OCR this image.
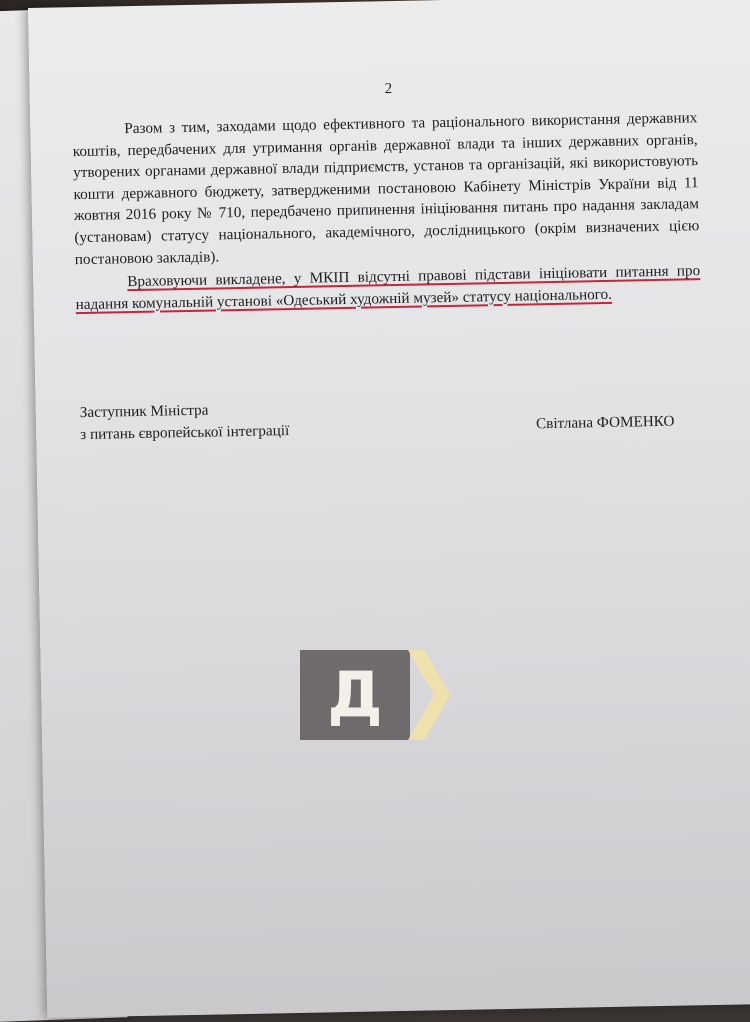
2

Разом з тим, заходами щодо ефективного та раціонального використання державних коштів, передбачених для утримання органів державної влади та інших державних органів, утворених органами державної влади підприємств, установ та організацій, які використовують кошти державного бюджету, затвердженими постановою Кабінету Міністрів України від 11 жовтня 2016 року № 710, передбачено припинення ініціювання питань про надання закладам (установам) статусу національного, академічного, дослідницького (окрім визначених цією постановою закладів).

Враховуючи викладене, у МКІП відсутні правові підстави ініціювати питання про надання комунальній установі «Одеський художній музей» статусу національного.

Заступник Міністра
з питань європейської інтеграції	Світлана ФОМЕНКО
Д
